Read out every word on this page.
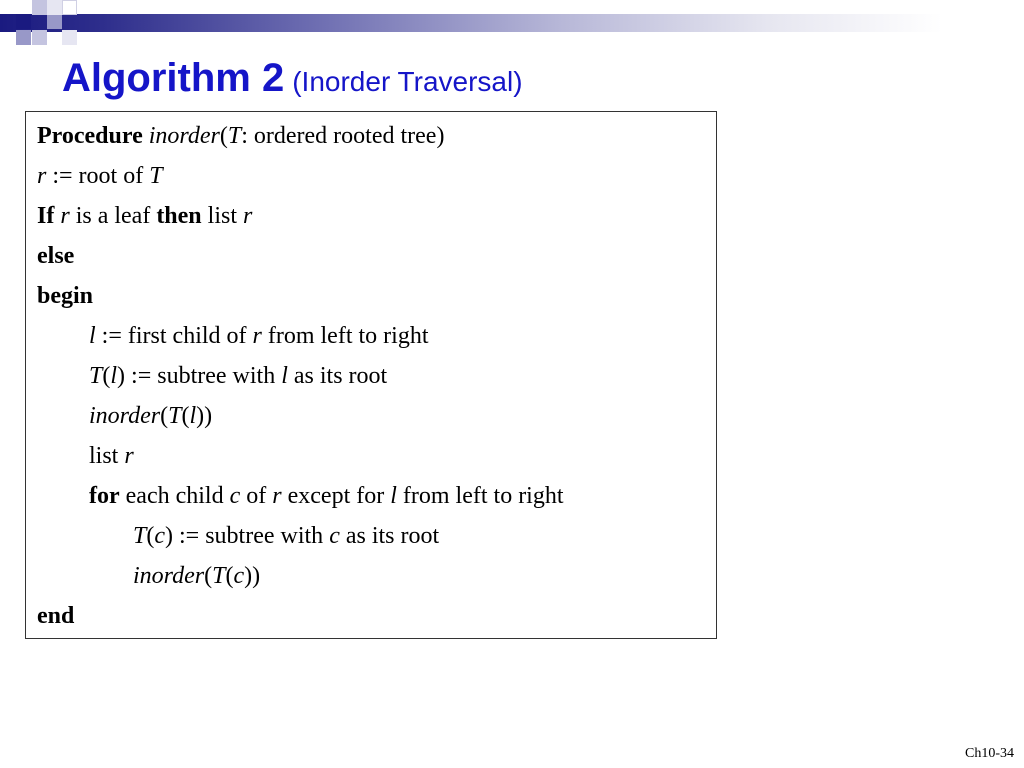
Algorithm 2 (Inorder Traversal)
Procedure inorder(T: ordered rooted tree)
r := root of T
If r is a leaf then list r
else
begin
l := first child of r from left to right
T(l) := subtree with l as its root
inorder(T(l))
list r
for each child c of r except for l from left to right
T(c) := subtree with c as its root
inorder(T(c))
end
Ch10-34
